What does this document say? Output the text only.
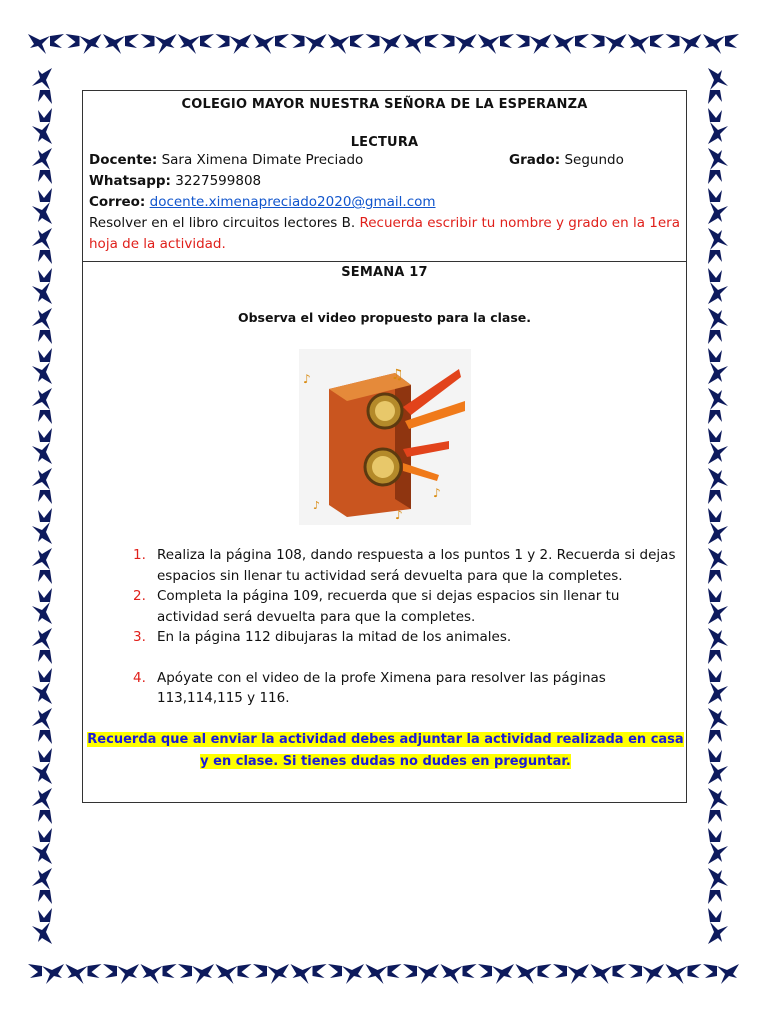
COLEGIO MAYOR NUESTRA SEÑORA DE LA ESPERANZA
LECTURA
Docente: Sara Ximena Dimate Preciado	Grado: Segundo
Whatsapp: 3227599808
Correo: docente.ximenapreciado2020@gmail.com
Resolver en el libro circuitos lectores B. Recuerda escribir tu nombre y grado en la 1era hoja de la actividad.
SEMANA 17
Observa el video propuesto para la clase.
♫
♪
♪
♪
♪
1. Realiza la página 108, dando respuesta a los puntos 1 y 2. Recuerda si dejas espacios sin llenar tu actividad será devuelta para que la completes.
2. Completa la página 109, recuerda que si dejas espacios sin llenar tu actividad será devuelta para que la completes.
3. En la página 112 dibujaras la mitad de los animales.
4. Apóyate con el video de la profe Ximena para resolver las páginas 113,114,115 y 116.
Recuerda que al enviar la actividad debes adjuntar la actividad realizada en casa y en clase. Si tienes dudas no dudes en preguntar.
